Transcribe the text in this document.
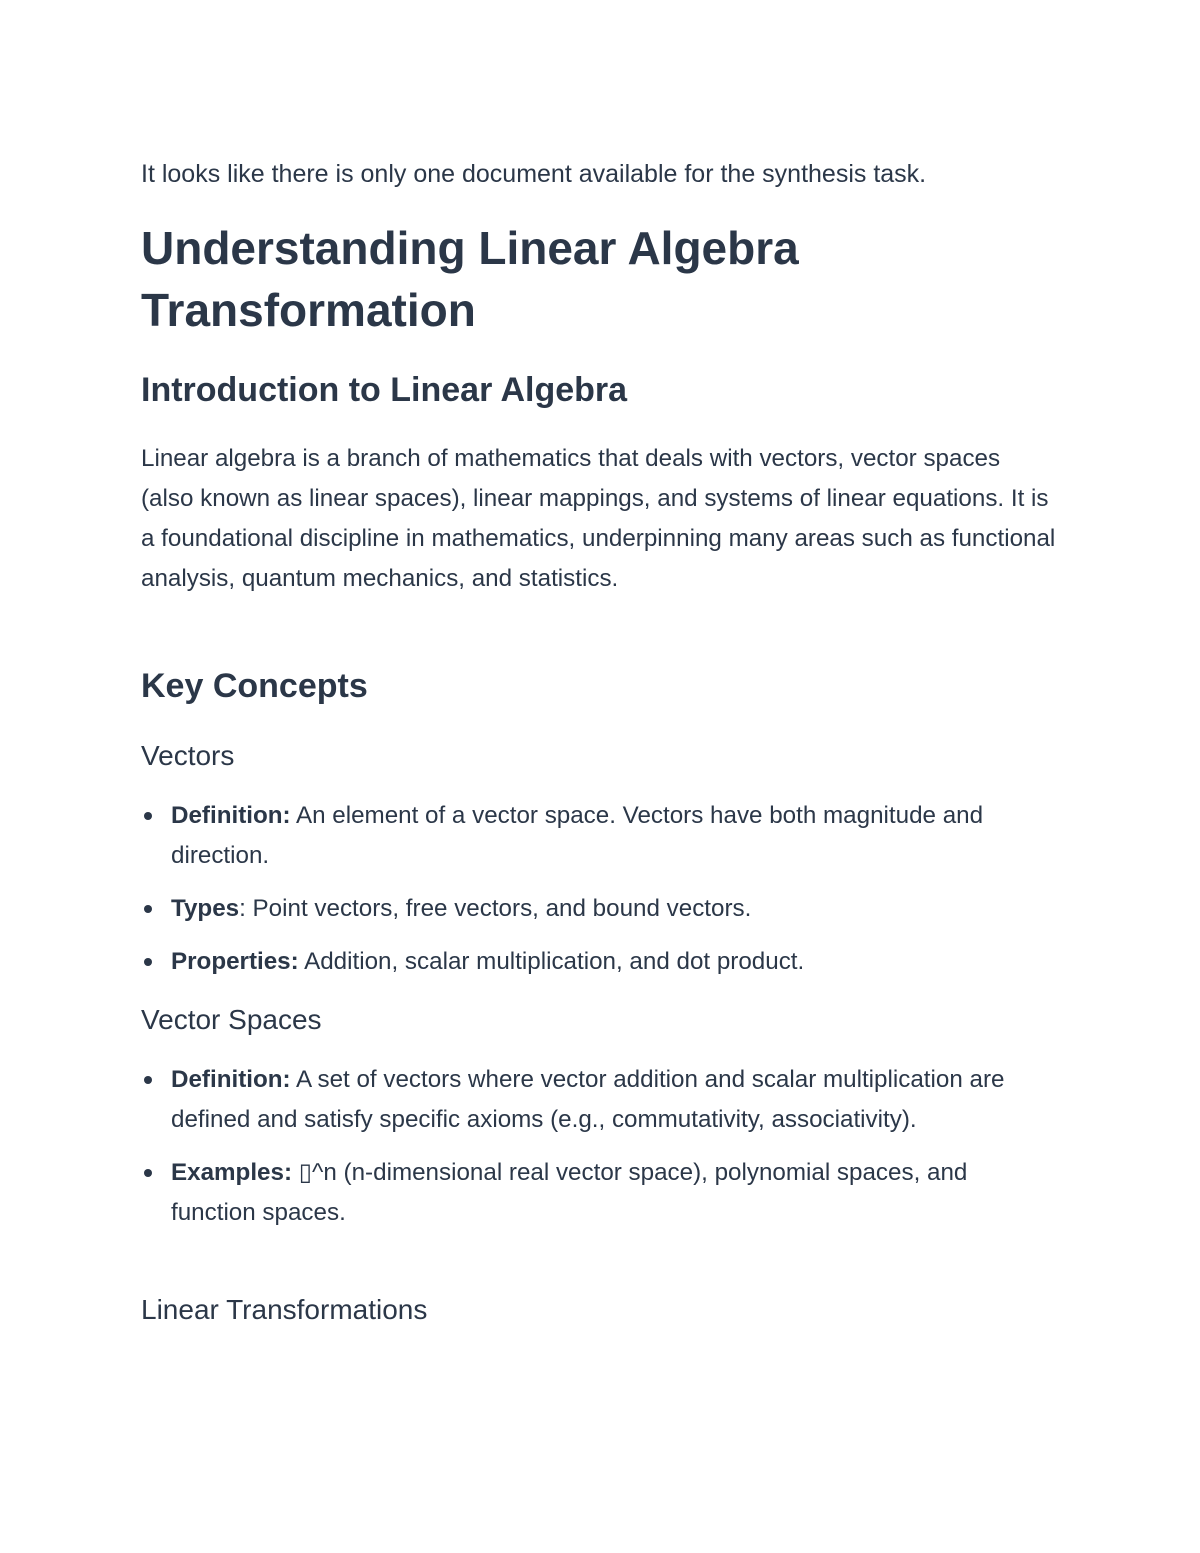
It looks like there is only one document available for the synthesis task.

Understanding Linear Algebra Transformation
Introduction to Linear Algebra

Linear algebra is a branch of mathematics that deals with vectors, vector spaces (also known as linear spaces), linear mappings, and systems of linear equations. It is a foundational discipline in mathematics, underpinning many areas such as functional analysis, quantum mechanics, and statistics.

Key Concepts
Vectors
Definition: An element of a vector space. Vectors have both magnitude and direction.
Types: Point vectors, free vectors, and bound vectors.
Properties: Addition, scalar multiplication, and dot product.
Vector Spaces
Definition: A set of vectors where vector addition and scalar multiplication are defined and satisfy specific axioms (e.g., commutativity, associativity).
Examples: ▯^n (n-dimensional real vector space), polynomial spaces, and function spaces.
Linear Transformations
